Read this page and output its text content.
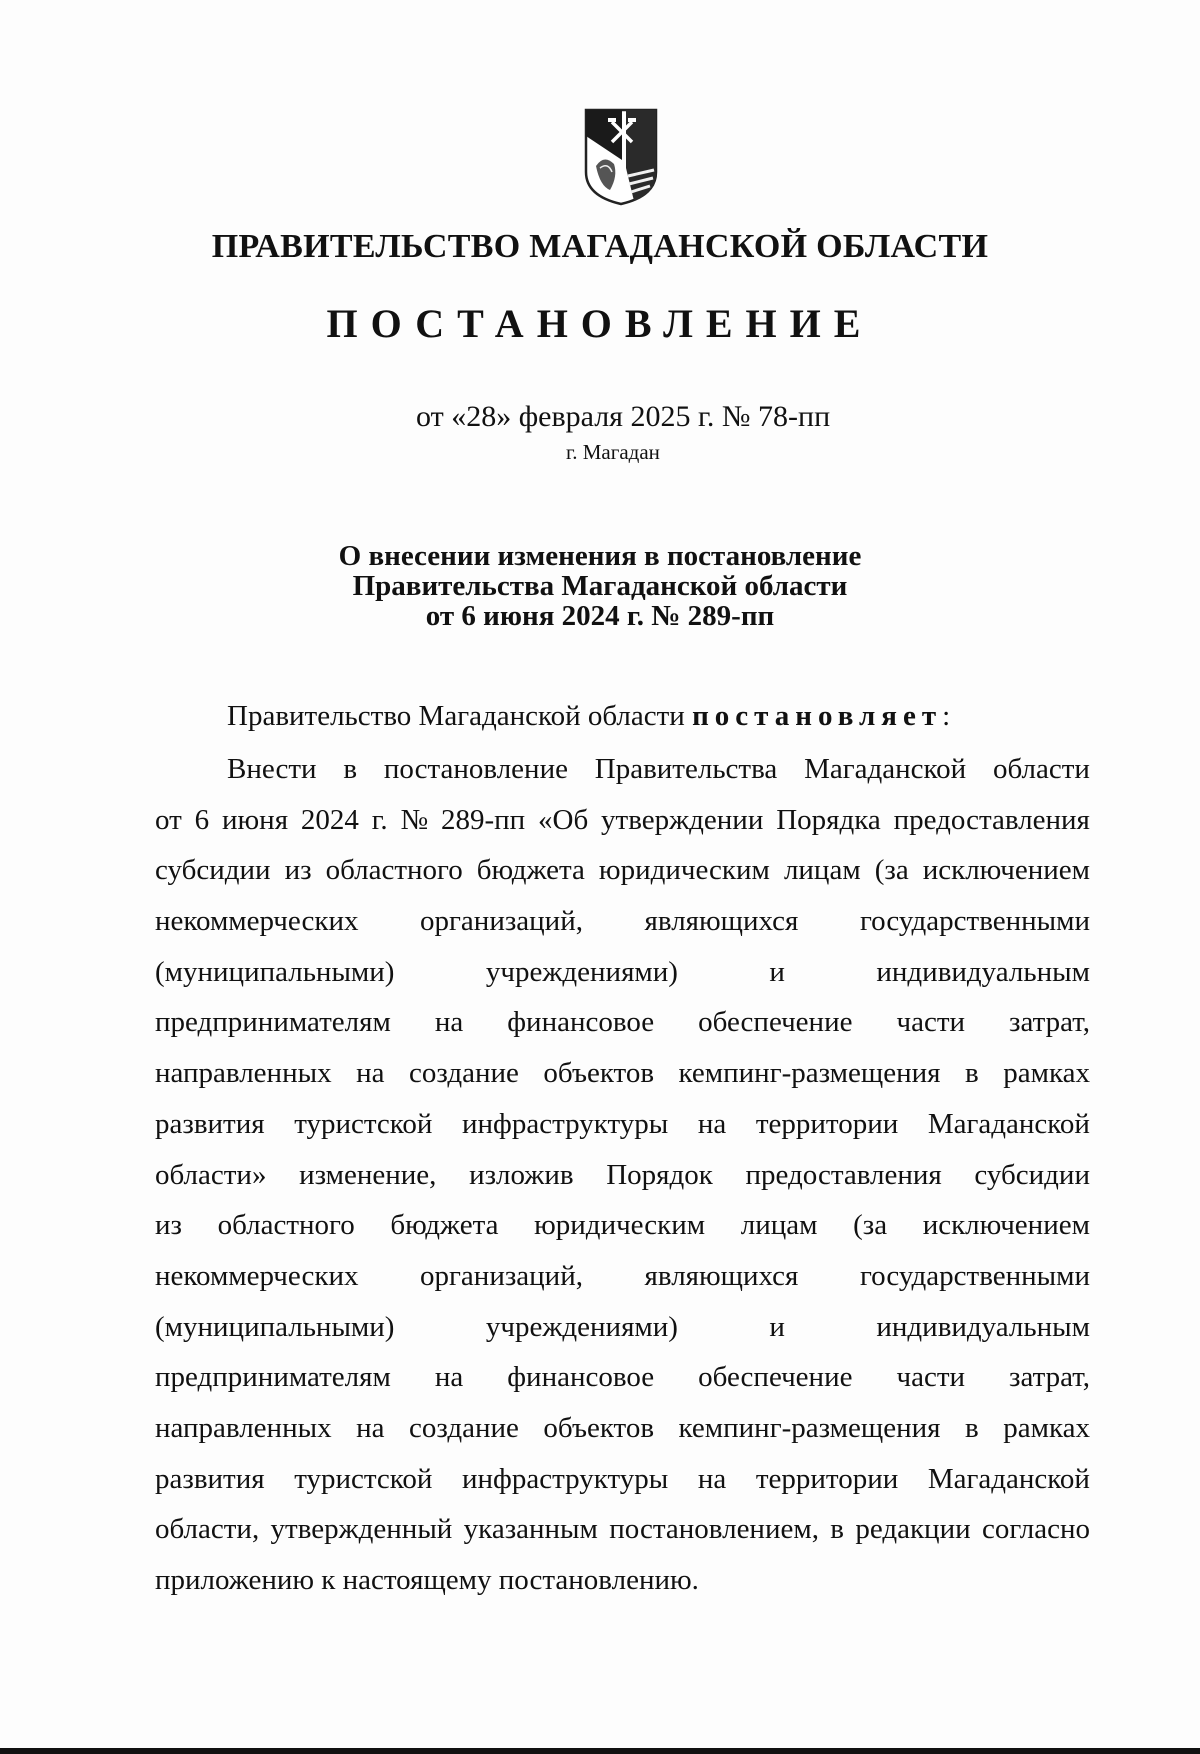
ПРАВИТЕЛЬСТВО МАГАДАНСКОЙ ОБЛАСТИ
ПОСТАНОВЛЕНИЕ
от «28» февраля 2025 г. № 78-пп
г. Магадан
О внесении изменения в постановление
Правительства Магаданской области
от 6 июня 2024 г. № 289-пп
Правительство Магаданской области постановляет:
Внести в постановление Правительства Магаданской области
от 6 июня 2024 г. № 289-пп «Об утверждении Порядка предоставления
субсидии из областного бюджета юридическим лицам (за исключением
некоммерческих организаций, являющихся государственными
(муниципальными)	учреждениями)	и	индивидуальным
предпринимателям на финансовое обеспечение части затрат,
направленных на создание объектов кемпинг-размещения в рамках
развития туристской инфраструктуры на территории Магаданской
области» изменение, изложив Порядок предоставления субсидии
из областного бюджета юридическим лицам (за исключением
некоммерческих организаций, являющихся государственными
(муниципальными)	учреждениями)	и	индивидуальным
предпринимателям на финансовое обеспечение части затрат,
направленных на создание объектов кемпинг-размещения в рамках
развития туристской инфраструктуры на территории Магаданской
области, утвержденный указанным постановлением, в редакции согласно
приложению к настоящему постановлению.
